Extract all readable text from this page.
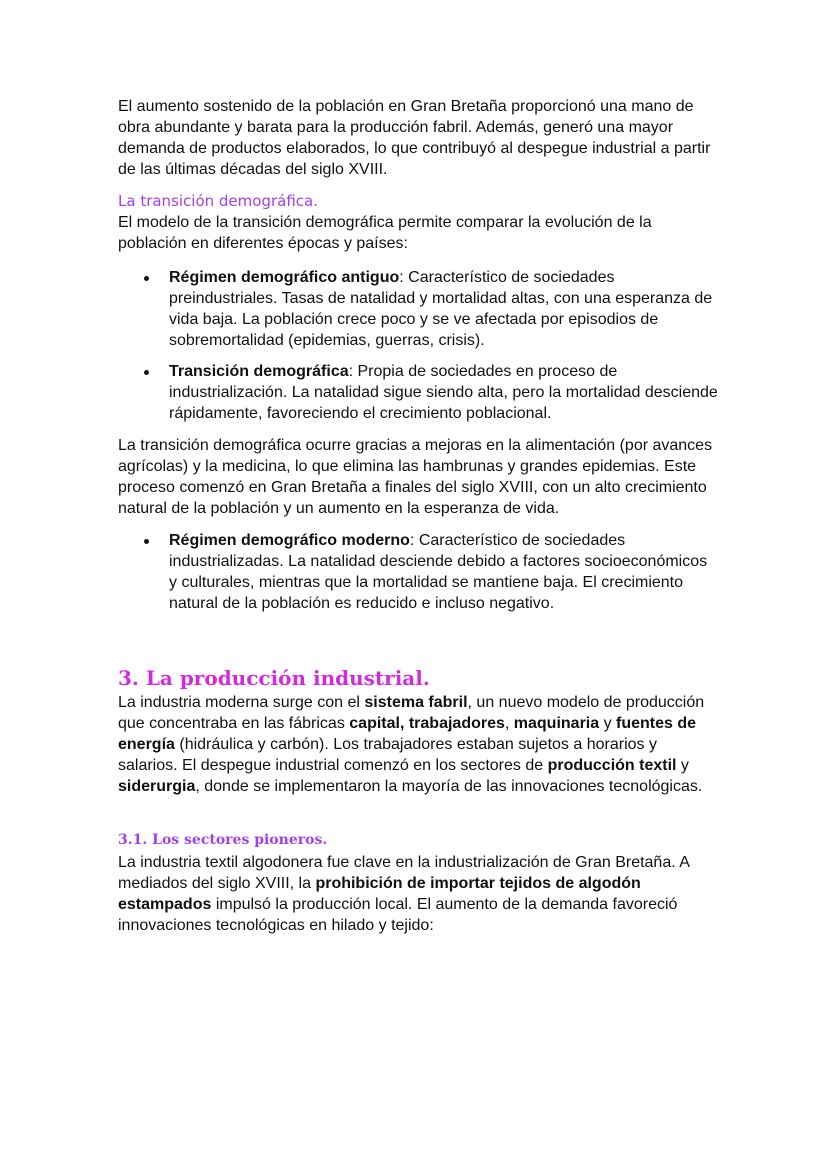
El aumento sostenido de la población en Gran Bretaña proporcionó una mano de obra abundante y barata para la producción fabril. Además, generó una mayor demanda de productos elaborados, lo que contribuyó al despegue industrial a partir de las últimas décadas del siglo XVIII.

La transición demográfica.

El modelo de la transición demográfica permite comparar la evolución de la población en diferentes épocas y países:

Régimen demográfico antiguo: Característico de sociedades preindustriales. Tasas de natalidad y mortalidad altas, con una esperanza de vida baja. La población crece poco y se ve afectada por episodios de sobremortalidad (epidemias, guerras, crisis).
Transición demográfica: Propia de sociedades en proceso de industrialización. La natalidad sigue siendo alta, pero la mortalidad desciende rápidamente, favoreciendo el crecimiento poblacional.

La transición demográfica ocurre gracias a mejoras en la alimentación (por avances agrícolas) y la medicina, lo que elimina las hambrunas y grandes epidemias. Este proceso comenzó en Gran Bretaña a finales del siglo XVIII, con un alto crecimiento natural de la población y un aumento en la esperanza de vida.

Régimen demográfico moderno: Característico de sociedades industrializadas. La natalidad desciende debido a factores socioeconómicos y culturales, mientras que la mortalidad se mantiene baja. El crecimiento natural de la población es reducido e incluso negativo.
3. La producción industrial.

La industria moderna surge con el sistema fabril, un nuevo modelo de producción que concentraba en las fábricas capital, trabajadores, maquinaria y fuentes de energía (hidráulica y carbón). Los trabajadores estaban sujetos a horarios y salarios. El despegue industrial comenzó en los sectores de producción textil y siderurgia, donde se implementaron la mayoría de las innovaciones tecnológicas.

3.1. Los sectores pioneros.

La industria textil algodonera fue clave en la industrialización de Gran Bretaña. A mediados del siglo XVIII, la prohibición de importar tejidos de algodón estampados impulsó la producción local. El aumento de la demanda favoreció innovaciones tecnológicas en hilado y tejido:
